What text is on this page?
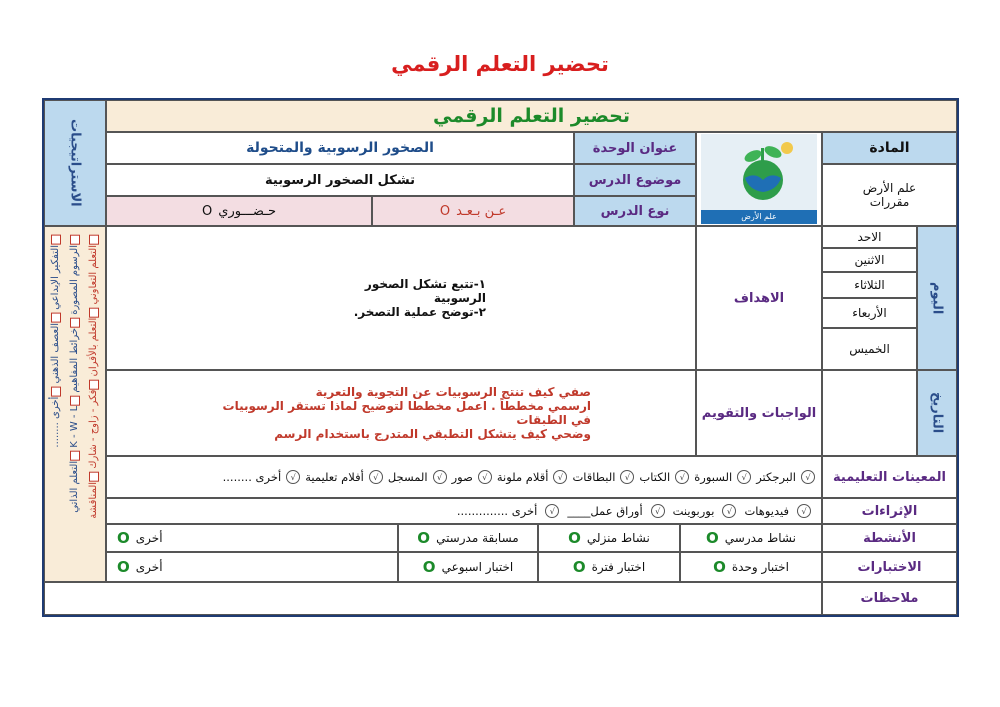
تحضير التعلم الرقمي
تحضير التعلم الرقمي
الاستراتيجيات
التعلم التعاوني التعلم بالأقران فكر - زاوج - شارك المناقشة
الرسوم المصورة خرائط المفاهيم K - W - L التعلم الذاتي
التفكير الإبداعي العصف الذهني أخرى ........
المادة
علم الأرض
مقررات
علم الأرض
عنوان الوحدة
الصخور الرسوبية والمتحولة
موضوع الدرس
تشكل الصخور الرسوبية
نوع الدرس
عـن بـعـد
O
حـضـــوري
O
اليوم
الاحد
الاثنين
الثلاثاء
الأربعاء
الخميس
التاريخ
الاهداف
١-تتبع تشكل الصخور الرسوبية
٢-توضح عملية التصخر.
الواجبات والتقويم
صفي كيف تنتج الرسوبيات عن التجوية والتعرية
ارسمي مخططاً . اعمل مخططا لتوضيح لماذا تستقر الرسوبيات في الطبقات
وضحي كيف يتشكل التطبقي المتدرج باستخدام الرسم
المعينات التعليمية
√
البرجكتر
√
السبورة
√
الكتاب
√
البطاقات
√
أقلام ملونة
√
صور
√
المسجل
√
أفلام تعليمية
√
أخرى ........
الإثراءات
√
فيديوهات
√
بوربوينت
√
أوراق عمل____
√
أخرى ..............
الأنشطة
نشاط مدرسي
O
نشاط منزلي
O
مسابقة مدرستي
O
أخرى
O
الاختبارات
اختبار وحدة
O
اختبار فترة
O
اختبار اسبوعي
O
أخرى
O
ملاحظات
